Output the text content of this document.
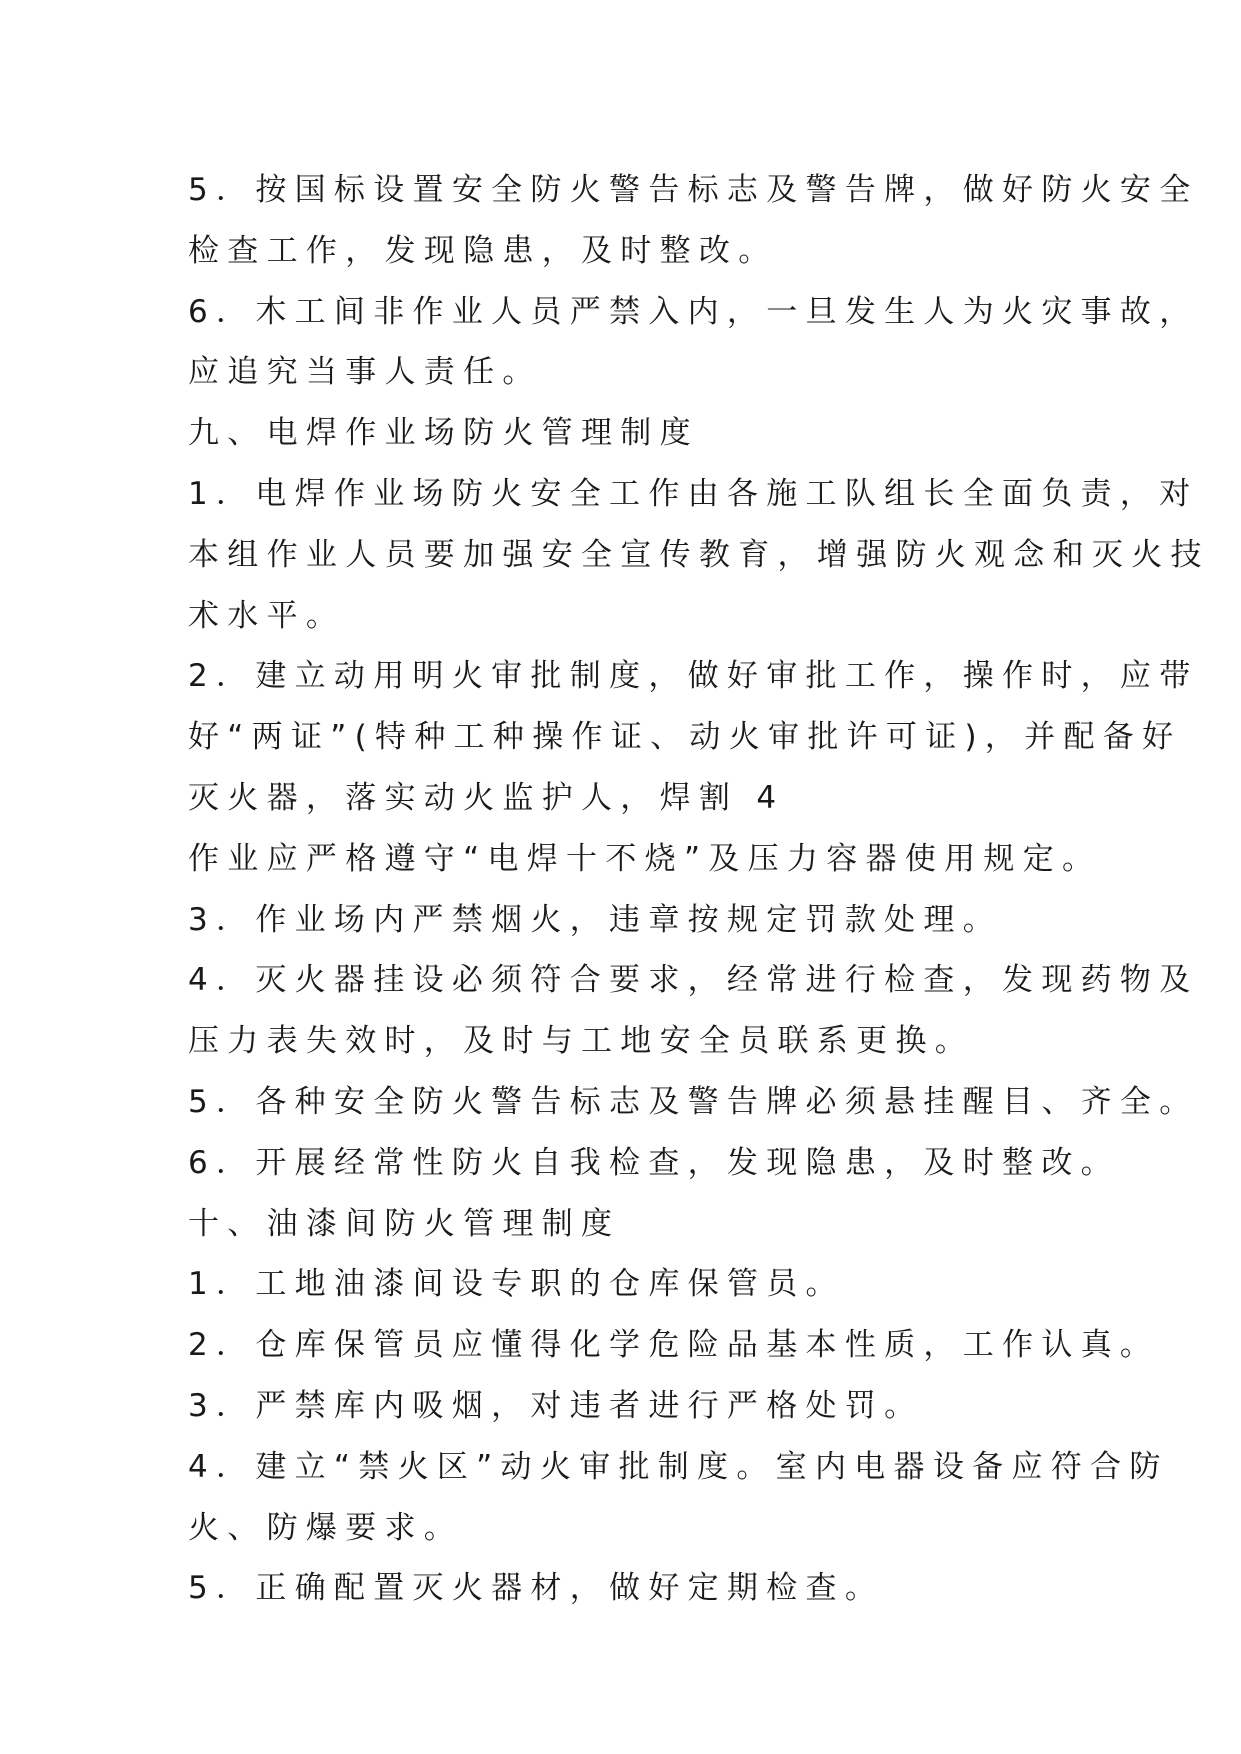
5．按国标设置安全防火警告标志及警告牌，做好防火安全
检查工作，发现隐患，及时整改。
6．木工间非作业人员严禁入内，一旦发生人为火灾事故，
应追究当事人责任。
九、电焊作业场防火管理制度
1．电焊作业场防火安全工作由各施工队组长全面负责，对
本组作业人员要加强安全宣传教育，增强防火观念和灭火技
术水平。
2．建立动用明火审批制度，做好审批工作，操作时，应带
好“两证”(特种工种操作证、动火审批许可证)，并配备好
灭火器，落实动火监护人，焊割 4
作业应严格遵守“电焊十不烧”及压力容器使用规定。
3．作业场内严禁烟火，违章按规定罚款处理。
4．灭火器挂设必须符合要求，经常进行检查，发现药物及
压力表失效时，及时与工地安全员联系更换。
5．各种安全防火警告标志及警告牌必须悬挂醒目、齐全。
6．开展经常性防火自我检查，发现隐患，及时整改。
十、油漆间防火管理制度
1．工地油漆间设专职的仓库保管员。
2．仓库保管员应懂得化学危险品基本性质，工作认真。
3．严禁库内吸烟，对违者进行严格处罚。
4．建立“禁火区”动火审批制度。室内电器设备应符合防
火、防爆要求。
5．正确配置灭火器材，做好定期检查。
